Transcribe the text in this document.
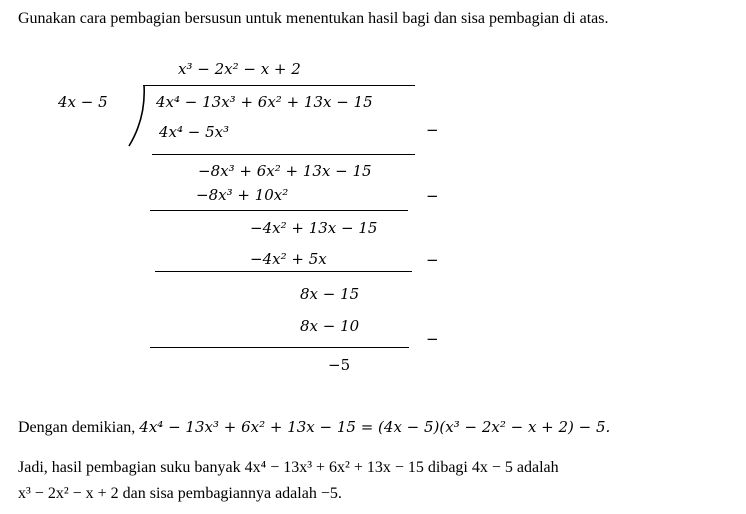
Gunakan cara pembagian bersusun untuk menentukan hasil bagi dan sisa pembagian di atas.
x³ − 2x² − x + 2
4x − 5	4x⁴ − 13x³ + 6x² + 13x − 15
4x⁴ − 5x³	−
−8x³ + 6x² + 13x − 15
−8x³ + 10x²	−
−4x² + 13x − 15
−4x² + 5x	−
8x − 15
8x − 10
−
−5
Dengan demikian, 4x⁴ − 13x³ + 6x² + 13x − 15 = (4x − 5)(x³ − 2x² − x + 2) − 5.
Jadi, hasil pembagian suku banyak 4x⁴ − 13x³ + 6x² + 13x − 15 dibagi 4x − 5 adalah
x³ − 2x² − x + 2 dan sisa pembagiannya adalah −5.
